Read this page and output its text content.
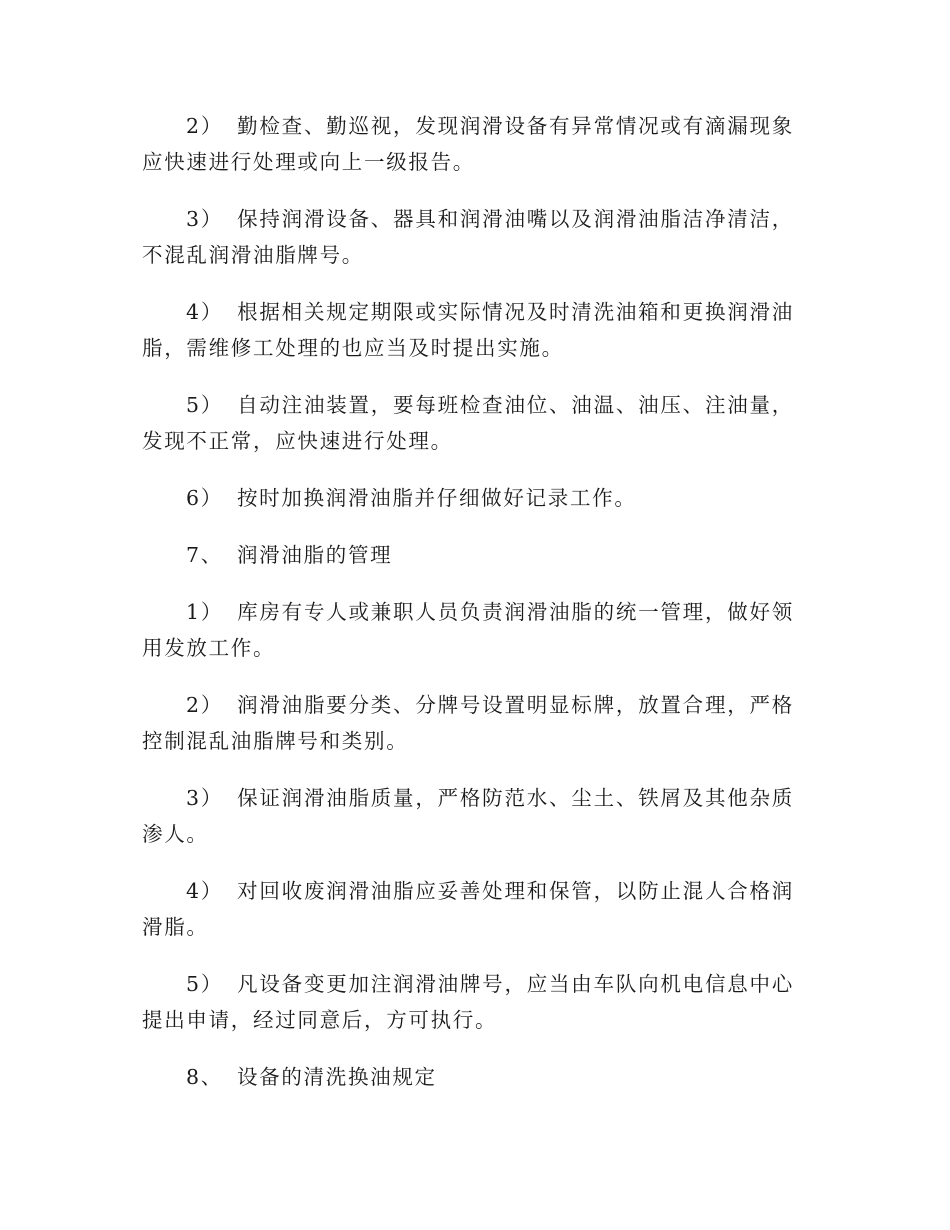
2） 勤检查、勤巡视，发现润滑设备有异常情况或有滴漏现象应快速进行处理或向上一级报告。

3） 保持润滑设备、器具和润滑油嘴以及润滑油脂洁净清洁，不混乱润滑油脂牌号。

4） 根据相关规定期限或实际情况及时清洗油箱和更换润滑油脂，需维修工处理的也应当及时提出实施。

5） 自动注油装置，要每班检查油位、油温、油压、注油量，发现不正常，应快速进行处理。

6） 按时加换润滑油脂并仔细做好记录工作。

7、 润滑油脂的管理

1） 库房有专人或兼职人员负责润滑油脂的统一管理，做好领用发放工作。

2） 润滑油脂要分类、分牌号设置明显标牌，放置合理，严格控制混乱油脂牌号和类别。

3） 保证润滑油脂质量，严格防范水、尘土、铁屑及其他杂质渗人。

4） 对回收废润滑油脂应妥善处理和保管，以防止混人合格润滑脂。

5） 凡设备变更加注润滑油牌号，应当由车队向机电信息中心提出申请，经过同意后，方可执行。

8、 设备的清洗换油规定
